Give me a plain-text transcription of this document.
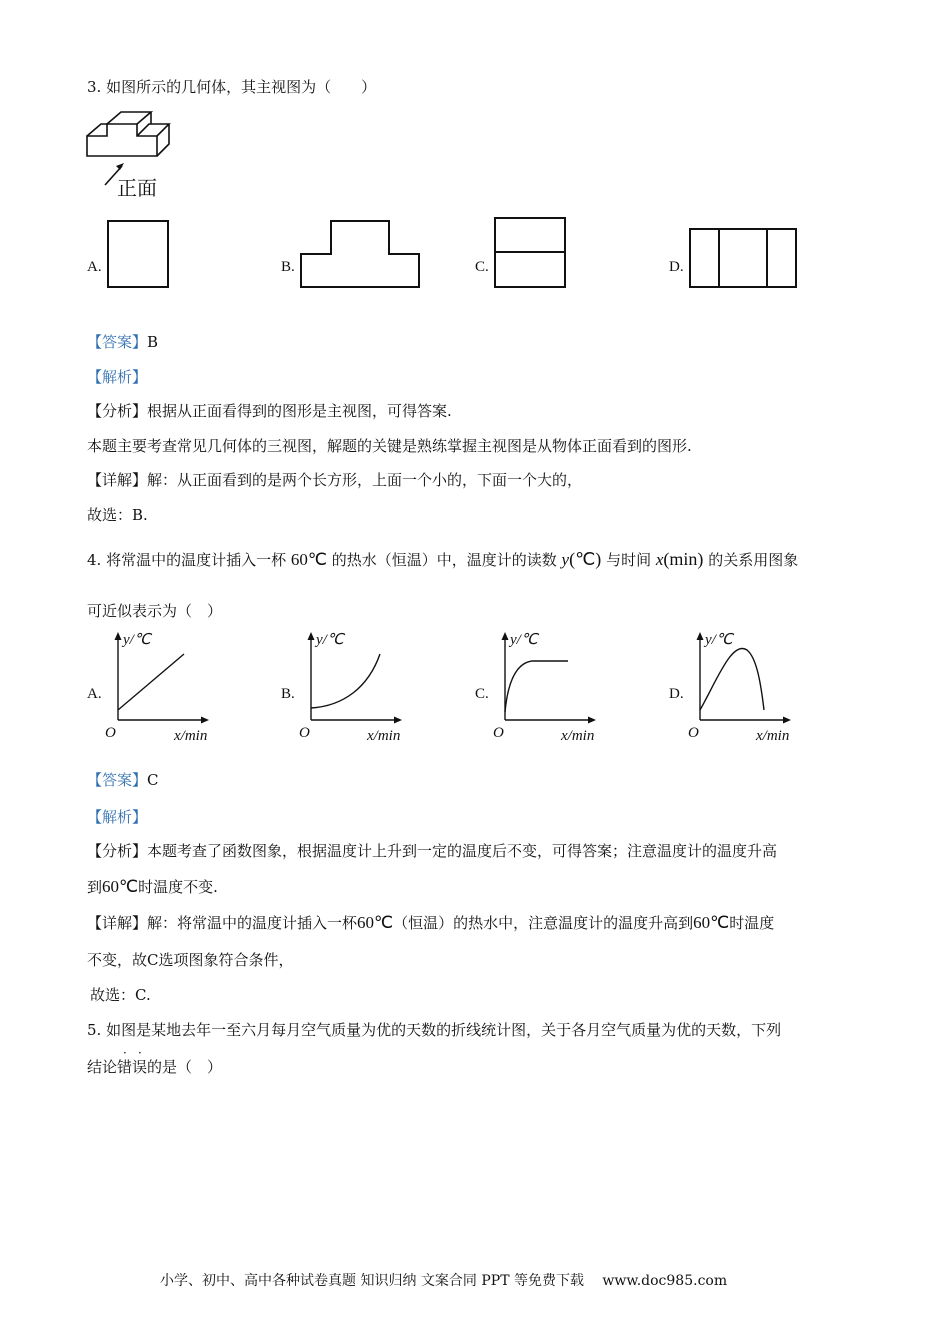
3. 如图所示的几何体，其主视图为（　　）
正面
A.	B.	C.	D.
【答案】B
【解析】
【分析】根据从正面看得到的图形是主视图，可得答案.
本题主要考查常见几何体的三视图，解题的关键是熟练掌握主视图是从物体正面看到的图形.
【详解】解：从正面看到的是两个长方形，上面一个小的，下面一个大的，
故选：B.
4. 将常温中的温度计插入一杯 60℃ 的热水（恒温）中，温度计的读数 y(℃) 与时间 x(min) 的关系用图象
可近似表示为（　）
A.
y/℃
O	x/min
B.
y/℃
O	x/min
C.
y/℃
O	x/min
D.
y/℃
O	x/min
【答案】C
【解析】
【分析】本题考查了函数图象，根据温度计上升到一定的温度后不变，可得答案；注意温度计的温度升高
到60℃时温度不变.
【详解】解：将常温中的温度计插入一杯60℃（恒温）的热水中，注意温度计的温度升高到60℃时温度
不变，故C选项图象符合条件，
故选：C.
5. 如图是某地去年一至六月每月空气质量为优的天数的折线统计图，关于各月空气质量为优的天数，下列
结论
· ·
错误的是（　）
小学、初中、高中各种试卷真题 知识归纳 文案合同 PPT 等免费下载　 www.doc985.com
